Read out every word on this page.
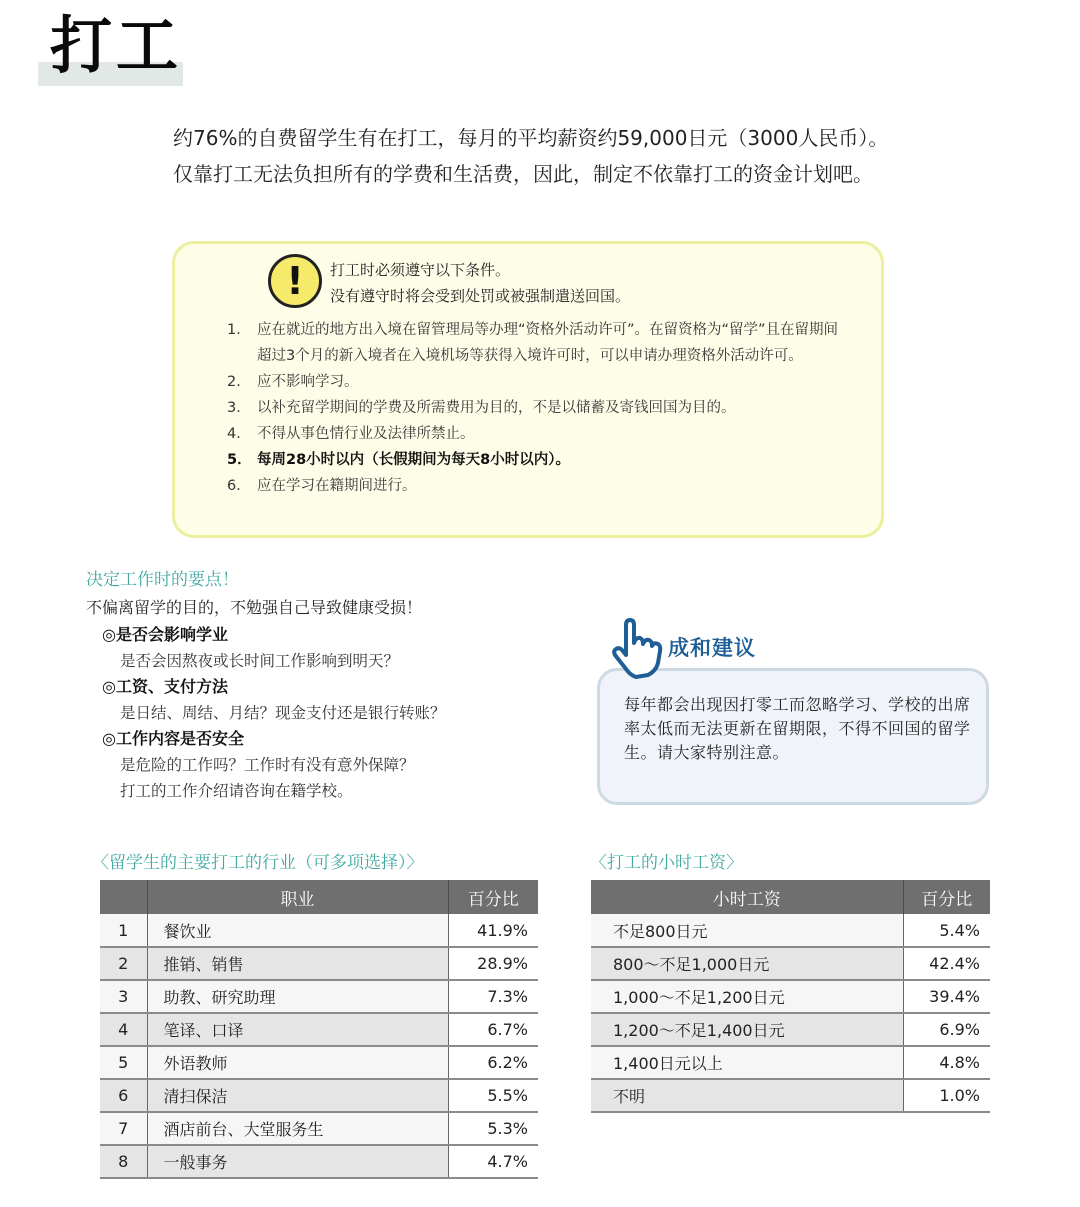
打工

约76%的自费留学生有在打工，每月的平均薪资约59,000日元（3000人民币）。仅靠打工无法负担所有的学费和生活费，因此，制定不依靠打工的资金计划吧。

!	打工时必须遵守以下条件。
没有遵守时将会受到处罚或被强制遣送回国。
1． 应在就近的地方出入境在留管理局等办理“资格外活动许可”。在留资格为“留学”且在留期间超过3个月的新入境者在入境机场等获得入境许可时，可以申请办理资格外活动许可。
2． 应不影响学习。
3． 以补充留学期间的学费及所需费用为目的，不是以储蓄及寄钱回国为目的。
4． 不得从事色情行业及法律所禁止。
5． 每周28小时以内（长假期间为每天8小时以内）。
6． 应在学习在籍期间进行。
决定工作时的要点！
不偏离留学的目的，不勉强自己导致健康受损！
◎是否会影响学业
是否会因熬夜或长时间工作影响到明天？
◎工资、支付方法
是日结、周结、月结？现金支付还是银行转账？
◎工作内容是否安全
是危险的工作吗？工作时有没有意外保障？
打工的工作介绍请咨询在籍学校。

每年都会出现因打零工而忽略学习、学校的出席率太低而无法更新在留期限，不得不回国的留学生。请大家特别注意。

成和建议
〈留学生的主要打工的行业（可多项选择）〉
	职业	百分比
1	餐饮业	41.9%
2	推销、销售	28.9%
3	助教、研究助理	7.3%
4	笔译、口译	6.7%
5	外语教师	6.2%
6	清扫保洁	5.5%
7	酒店前台、大堂服务生	5.3%
8	一般事务	4.7%
〈打工的小时工资〉
小时工资	百分比
不足800日元	5.4%
800～不足1,000日元	42.4%
1,000～不足1,200日元	39.4%
1,200～不足1,400日元	6.9%
1,400日元以上	4.8%
不明	1.0%
